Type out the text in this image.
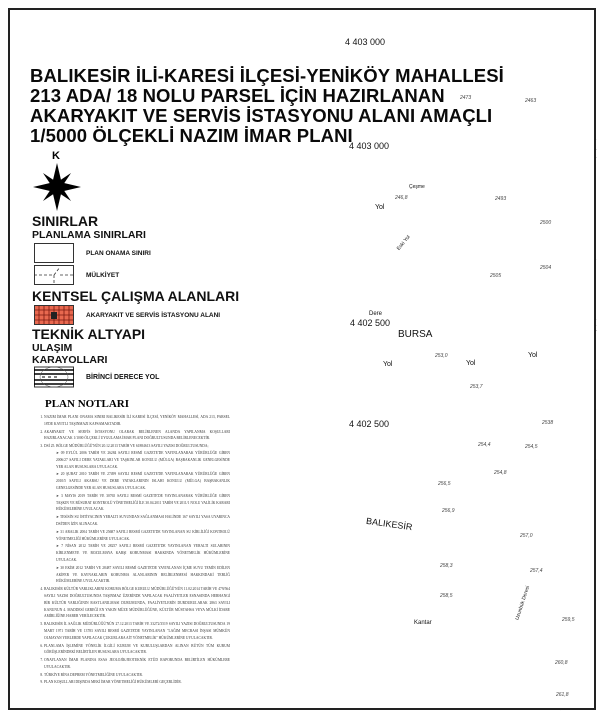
BALIKESİR İLİ-KARESİ İLÇESİ-YENİKÖY MAHALLESİ
213 ADA/ 18 NOLU PARSEL İÇİN HAZIRLANAN
AKARYAKIT VE SERVİS İSTASYONU ALANI AMAÇLI
1/5000 ÖLÇEKLİ NAZIM İMAR PLANI
4 403 000
4 403 000
4 402 500
4 402 500
BURSA
BALIKESİR
Yol
Yol	Yol
Yol
Çeşme
Dere
Eski Yol
Kantar
Uzunbük Deresi
2473	2463
246,8	2493
2500
2504
2505
253,0
253,7
2538
254,4	254,5
254,8
256,5
256,9
257,0
257,4
258,3
258,5
259,5
260,8
261,8
K
SINIRLAR
PLANLAMA SINIRLARI
PLAN ONAMA SINIRI
MÜLKİYET
KENTSEL ÇALIŞMA ALANLARI
AKARYAKIT VE SERVİS İSTASYONU ALANI
TEKNİK ALTYAPI
ULAŞIM
KARAYOLLARI
BİRİNCİ DERECE YOL
PLAN NOTLARI
1. NAZIM İMAR PLANI ONAMA SINIRI BALIKESİR İLİ KARESİ İLÇESİ, YENİKÖY MAHALLESİ, ADA 213, PARSEL 18'DE KAYITLI TAŞINMAZI KAPSAMAKTADIR.
2. AKARYAKIT VE SERVİS İSTASYONU OLARAK BELİRLENEN ALANDA YAPILANMA KOŞULLARI HAZIRLANACAK 1/1000 ÖLÇEKLİ UYGULAMA İMAR PLANI DOĞRULTUSUNDA BELİRLENECEKTİR.
3. DSİ 25. BÖLGE MÜDÜRLÜĞÜ'NÜN 20.12.2013 TARİH VE 61884613 SAYILI YAZISI DOĞRULTUSUNDA;
➤ 09 EYLÜL 2006 TARİH VE 26284 SAYILI RESMİ GAZETE'DE YAYINLANARAK YÜRÜRLÜĞE GİREN 2006/27 SAYILI DERE YATAKLARI VE TAŞKINLAR KONULU (MÜLGA) BAŞBAKANLIK GENELGESİNDE YER ALAN HUSUSLARA UYULACAK.
➤ 20 ŞUBAT 2010 TARİH VE 27499 SAYILI RESMİ GAZETE'DE YAYINLANARAK YÜRÜRLÜĞE GİREN 2010/5 SAYILI AKARSU VE DERE YATAKLARININ ISLAHI KONULU (MÜLGA) BAŞBAKANLIK GENELGESİNDE YER ALAN HUSUSLARA UYULACAK.
➤ 3 MAYIS 2019 TARİH VE 30765 SAYILI RESMİ GAZETE'DE YAYINLANARAK YÜRÜRLÜĞE GİREN TAŞKIN VE RÜSUBAT KONTROLÜ YÖNETMELİĞİ İLE 30.04.2011 TARİH VE 2011/1 NOLU VALİLİK KARARI HÜKÜMLERİNE UYULACAK.
➤ TESİSİN SU İHTİYACININ YERALTI SUYUNDAN SAĞLANMASI HALİNDE 167 SAYILI YASA UYARINCA DSİ'DEN İZİN ALINACAK.
➤ 31 ARALIK 2004 TARİH VE 25687 SAYILI RESMİ GAZETE'DE YAYINLANAN SU KİRLİLİĞİ KONTROLÜ YÖNETMELİĞİ HÜKÜMLERİNE UYULACAK.
➤ 7 NİSAN 2012 TARİH VE 28257 SAYILI RESMİ GAZETE'DE YAYINLANAN YERALTI SULARININ KİRLENMEYE VE BOZULMAYA KARŞI KORUNMASI HAKKINDA YÖNETMELİK HÜKÜMLERİNE UYULACAK.
➤ 30 EKİM 2012 TARİH VE 28487 SAYILI RESMİ GAZETE'DE YAYINLANAN İÇME SUYU TEMİN EDİLEN AKİFER VE KAYNAKLARIN KORUNMA ALANLARININ BELİRLENMESİ HAKKINDAKİ TEBLİĞ HÜKÜMLERİNE UYULACAKTIR.
4. BALIKESİR KÜLTÜR VARLIKLARINI KORUMA BÖLGE KURULU MÜDÜRLÜĞÜ'NÜN 11.02.2014 TARİH VE 479/564 SAYILI YAZISI DOĞRULTUSUNDA TAŞINMAZ ÜZERİNDE YAPILACAK FAALİYETLER ESNASINDA HERHANGİ BİR KÜLTÜR VARLIĞININ RASTLANILMASI DURUMUNDA, FAALİYETLERİN DURDURULARAK 2863 SAYILI KANUNUN 4. MADDESİ GEREĞİ EN YAKIN MÜZE MÜDÜRLÜĞÜNE, KÜLTÜR MÜSTAHSA VEYA MÜLKİ İDARE AMİRLİĞİNE HABER VERİLECEKTİR.
5. BALIKESİR İL SAĞLIK MÜDÜRLÜĞÜ'NÜN 27.12.2013 TARİH VE 33272/3519 SAYILI YAZISI DOĞRULTUSUNDA 19 MART 1971 TARİH VE 13783 SAYILI RESMİ GAZETE'DE YAYINLANAN "LAĞIM MECRASI İNŞASI MÜMKÜN OLMAYAN YERLERDE YAPILACAK ÇUKURLARA AİT YÖNETMELİK" HÜKÜMLERİNE UYULACAKTIR.
6. PLANLAMA İŞLEMİNE YÖNELİK İLGİLİ KURUM VE KURULUŞLARDAN ALINAN BÜTÜN TÜM KURUM GÖRÜŞLERİNDEKİ BELİRTİLEN HUSUSLARA UYULACAKTIR.
7. ONAYLANAN İMAR PLANINA ESAS JEOLOJİK/JEOTEKNİK ETÜD RAPORUNDA BELİRTİLEN HÜKÜMLERE UYULACAKTIR.
8. TÜRKİYE BİNA DEPREM YÖNETMELİĞİNE UYULACAKTIR.
9. PLAN KOŞULLARI DIŞINDA MEKİ İMAR YÖNETMELİĞİ HÜKÜMLERİ GEÇERLİDİR.
